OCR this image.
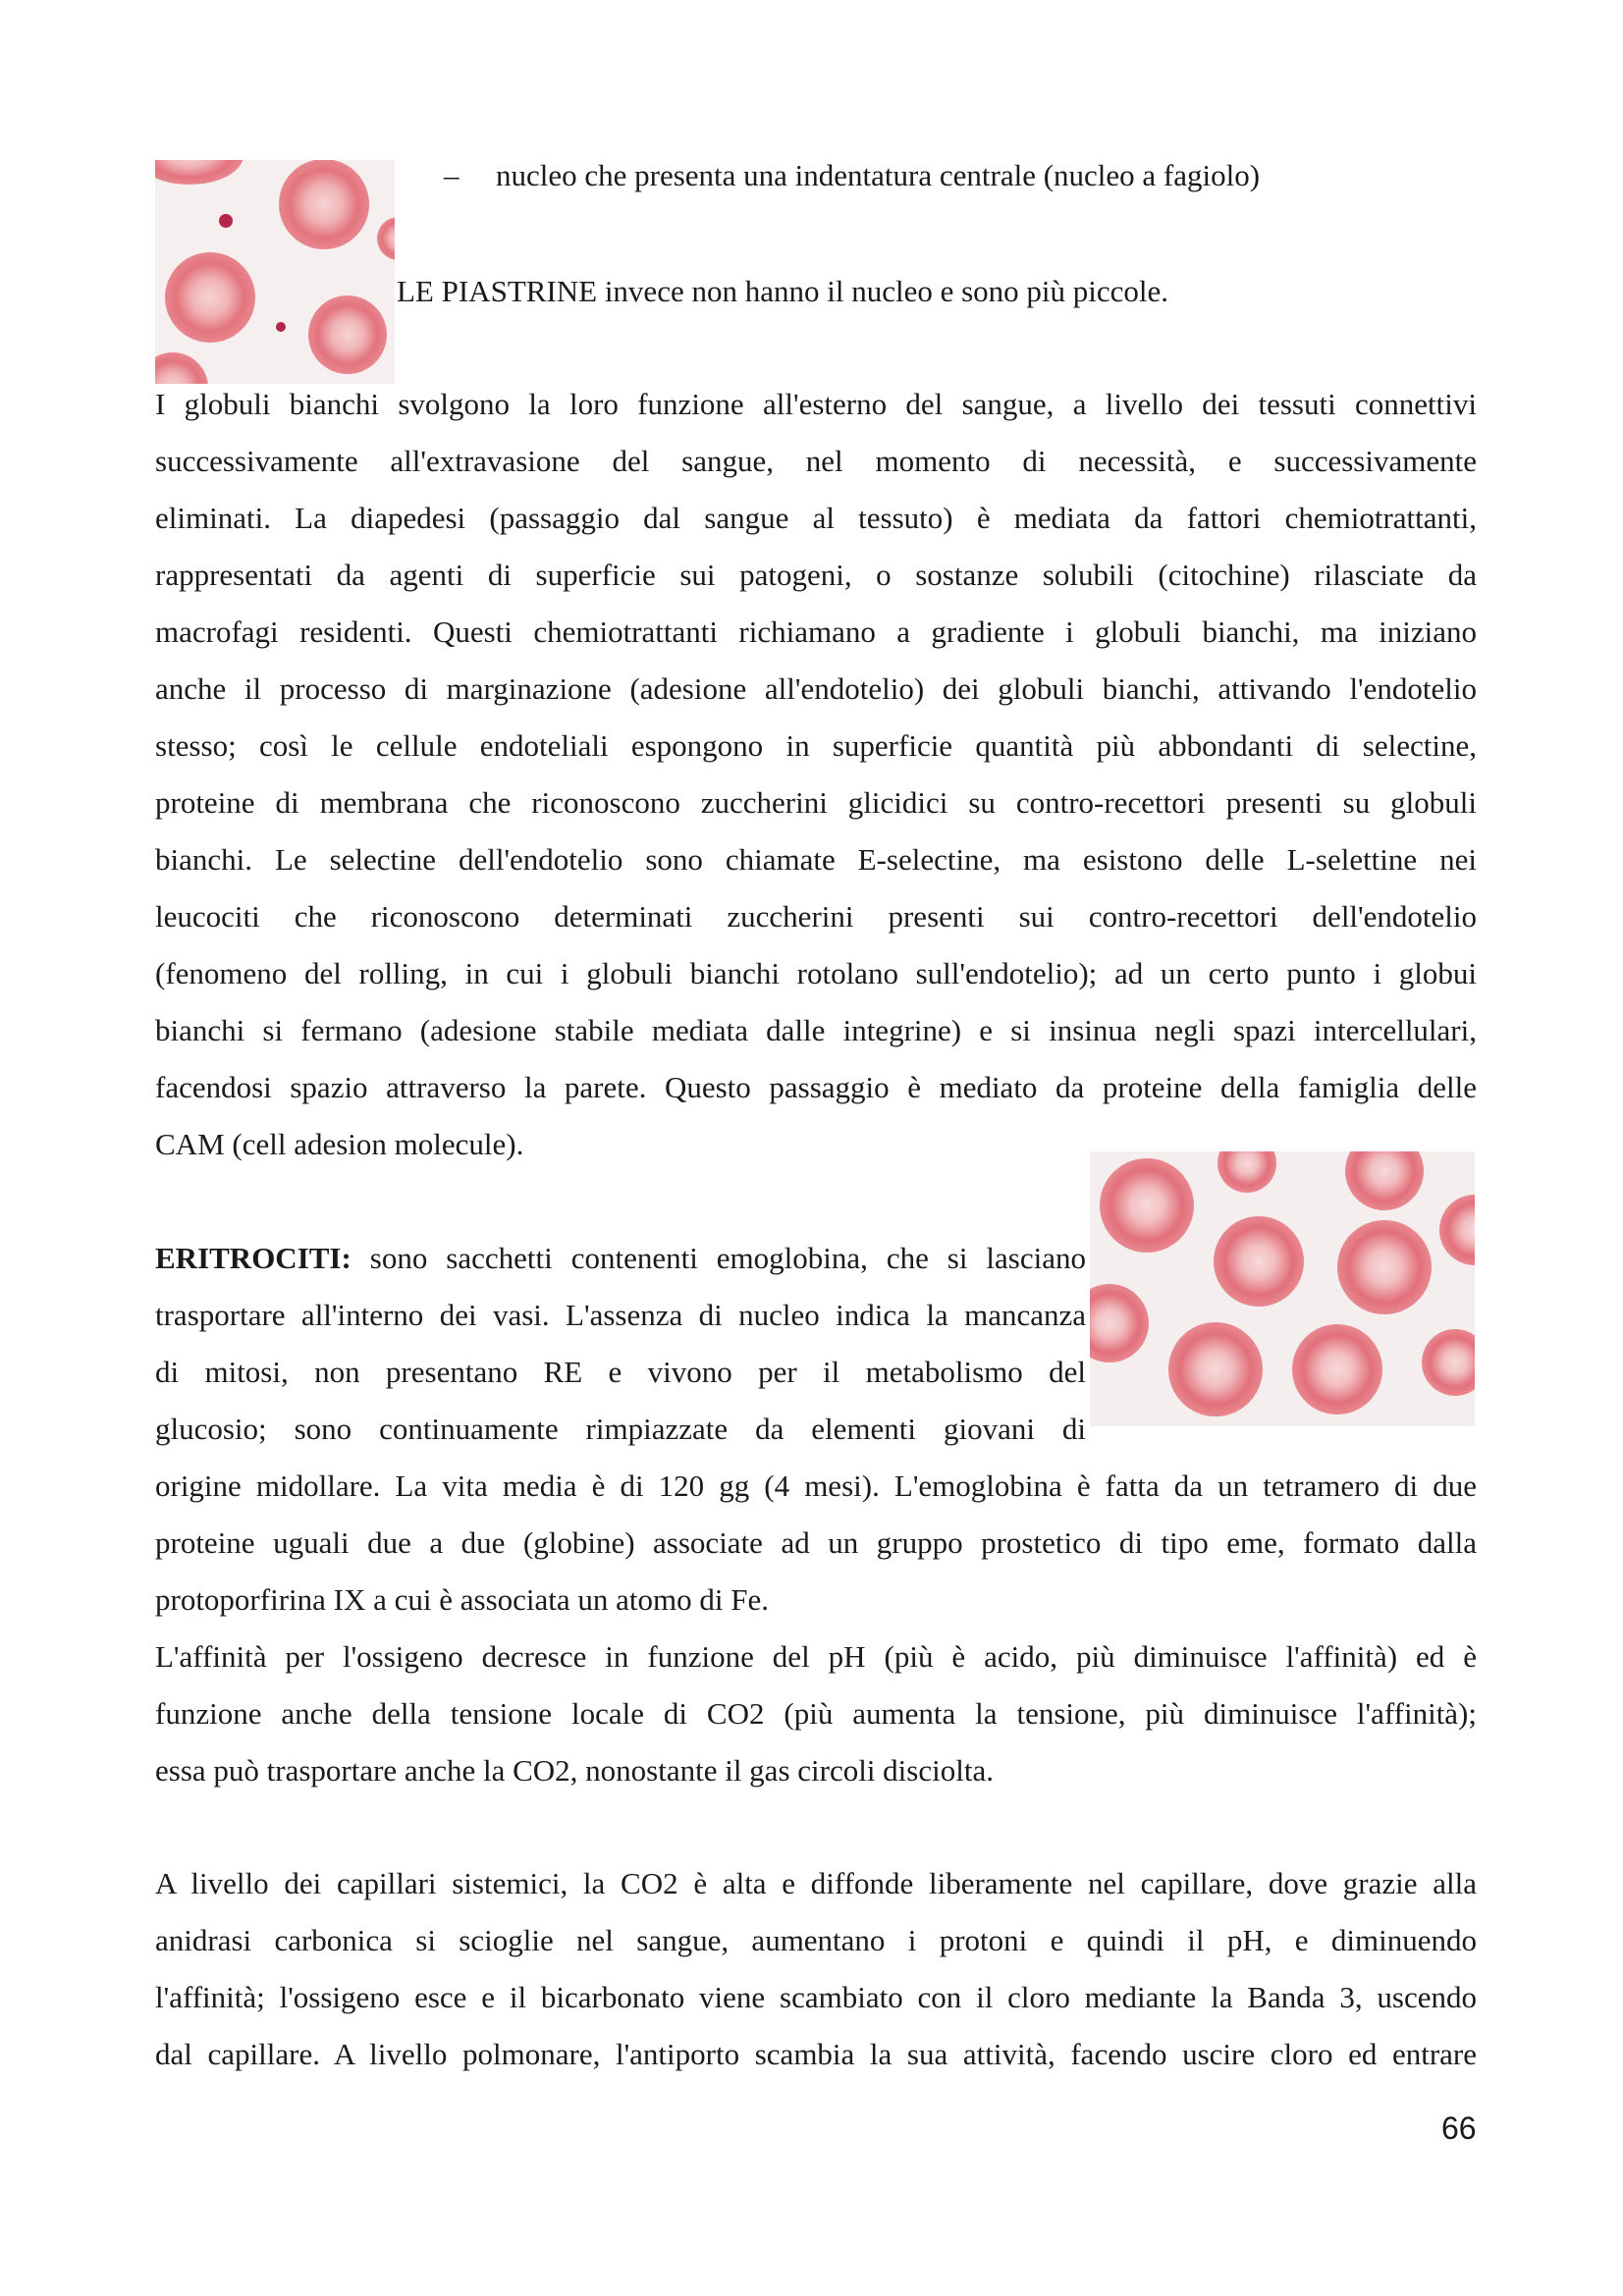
– nucleo che presenta una indentatura centrale (nucleo a fagiolo)
LE PIASTRINE invece non hanno il nucleo e sono più piccole.
I globuli bianchi svolgono la loro funzione all'esterno del sangue, a livello dei tessuti connettivi
successivamente all'extravasione del sangue, nel momento di necessità, e successivamente
eliminati. La diapedesi (passaggio dal sangue al tessuto) è mediata da fattori chemiotrattanti,
rappresentati da agenti di superficie sui patogeni, o sostanze solubili (citochine) rilasciate da
macrofagi residenti. Questi chemiotrattanti richiamano a gradiente i globuli bianchi, ma iniziano
anche il processo di marginazione (adesione all'endotelio) dei globuli bianchi, attivando l'endotelio
stesso; così le cellule endoteliali espongono in superficie quantità più abbondanti di selectine,
proteine di membrana che riconoscono zuccherini glicidici su contro-recettori presenti su globuli
bianchi. Le selectine dell'endotelio sono chiamate E-selectine, ma esistono delle L-selettine nei
leucociti che riconoscono determinati zuccherini presenti sui contro-recettori dell'endotelio
(fenomeno del rolling, in cui i globuli bianchi rotolano sull'endotelio); ad un certo punto i globui
bianchi si fermano (adesione stabile mediata dalle integrine) e si insinua negli spazi intercellulari,
facendosi spazio attraverso la parete. Questo passaggio è mediato da proteine della famiglia delle
CAM (cell adesion molecule).
ERITROCITI: sono sacchetti contenenti emoglobina, che si lasciano
trasportare all'interno dei vasi. L'assenza di nucleo indica la mancanza
di mitosi, non presentano RE e vivono per il metabolismo del
glucosio; sono continuamente rimpiazzate da elementi giovani di
origine midollare. La vita media è di 120 gg (4 mesi). L'emoglobina è fatta da un tetramero di due
proteine uguali due a due (globine) associate ad un gruppo prostetico di tipo eme, formato dalla
protoporfirina IX a cui è associata un atomo di Fe.
L'affinità per l'ossigeno decresce in funzione del pH (più è acido, più diminuisce l'affinità) ed è
funzione anche della tensione locale di CO2 (più aumenta la tensione, più diminuisce l'affinità);
essa può trasportare anche la CO2, nonostante il gas circoli disciolta.
A livello dei capillari sistemici, la CO2 è alta e diffonde liberamente nel capillare, dove grazie alla
anidrasi carbonica si scioglie nel sangue, aumentano i protoni e quindi il pH, e diminuendo
l'affinità; l'ossigeno esce e il bicarbonato viene scambiato con il cloro mediante la Banda 3, uscendo
dal capillare. A livello polmonare, l'antiporto scambia la sua attività, facendo uscire cloro ed entrare
66
